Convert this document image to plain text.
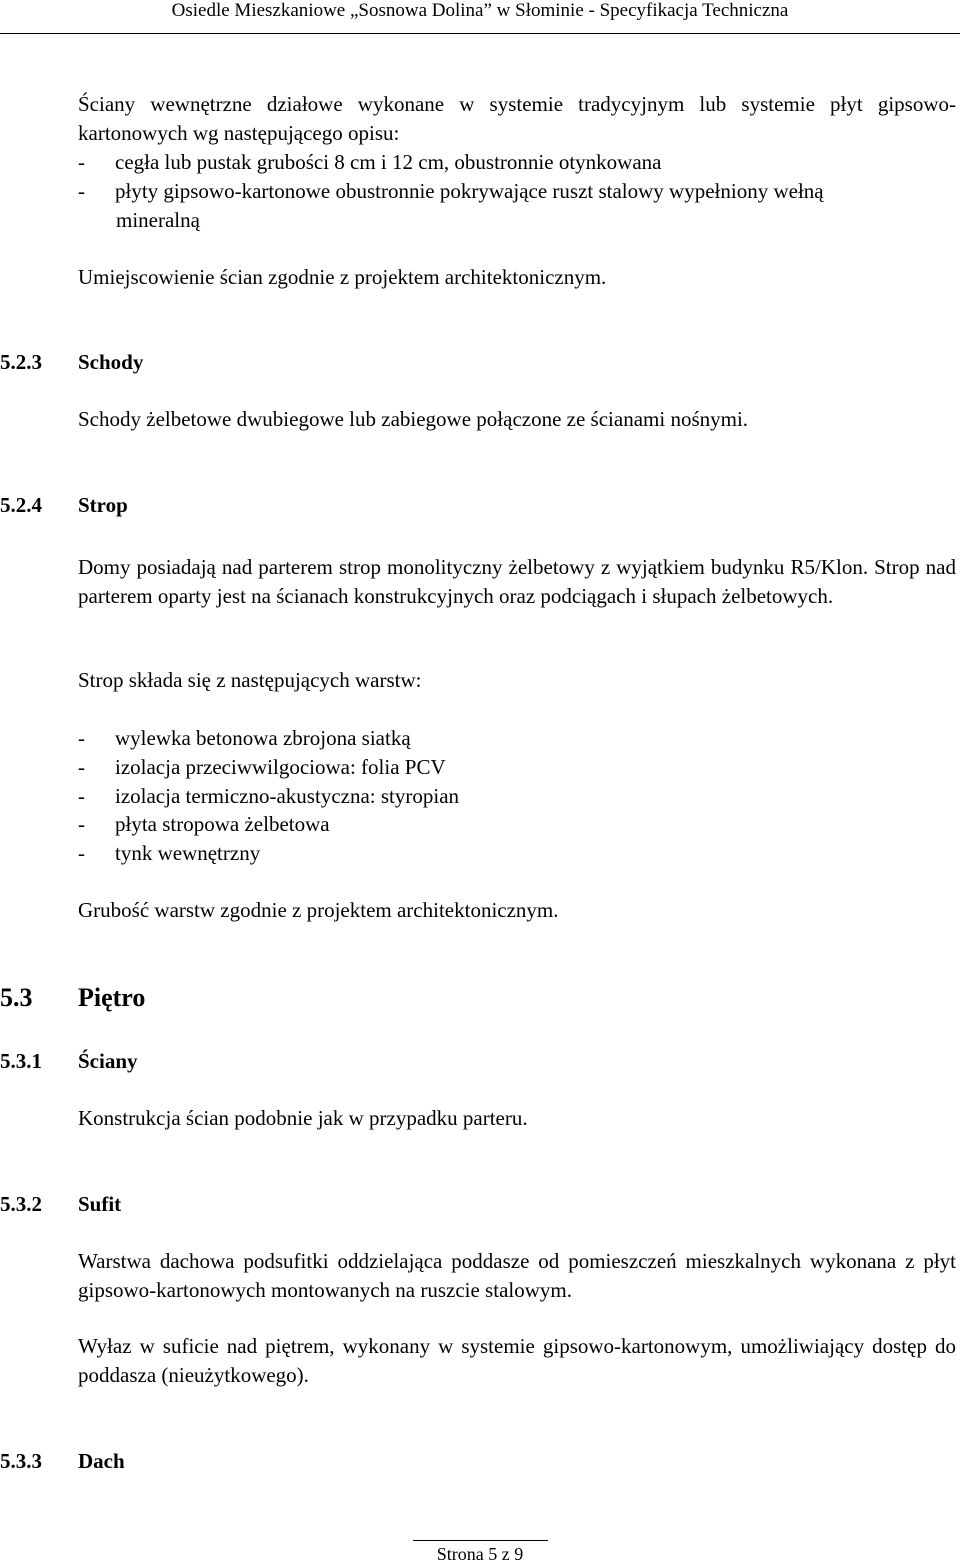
Osiedle Mieszkaniowe „Sosnowa Dolina” w Słominie - Specyfikacja Techniczna

Ściany wewnętrzne działowe wykonane w systemie tradycyjnym lub systemie płyt gipsowo-kartonowych wg następującego opisu:

- cegła lub pustak grubości 8 cm i 12 cm, obustronnie otynkowana
- płyty gipsowo-kartonowe obustronnie pokrywające ruszt stalowy wypełniony wełną
mineralną

Umiejscowienie ścian zgodnie z projektem architektonicznym.

5.2.3 Schody

Schody żelbetowe dwubiegowe lub zabiegowe połączone ze ścianami nośnymi.

5.2.4 Strop

Domy posiadają nad parterem strop monolityczny żelbetowy z wyjątkiem budynku R5/Klon. Strop nad parterem oparty jest na ścianach konstrukcyjnych oraz podciągach i słupach żelbetowych.

Strop składa się z następujących warstw:

- wylewka betonowa zbrojona siatką
- izolacja przeciwwilgociowa: folia PCV
- izolacja termiczno-akustyczna: styropian
- płyta stropowa żelbetowa
- tynk wewnętrzny

Grubość warstw zgodnie z projektem architektonicznym.

5.3 Piętro
5.3.1 Ściany

Konstrukcja ścian podobnie jak w przypadku parteru.

5.3.2 Sufit

Warstwa dachowa podsufitki oddzielająca poddasze od pomieszczeń mieszkalnych wykonana z płyt gipsowo-kartonowych montowanych na ruszcie stalowym.

Wyłaz w suficie nad piętrem, wykonany w systemie gipsowo-kartonowym, umożliwiający dostęp do poddasza (nieużytkowego).

5.3.3 Dach
Strona 5 z 9
